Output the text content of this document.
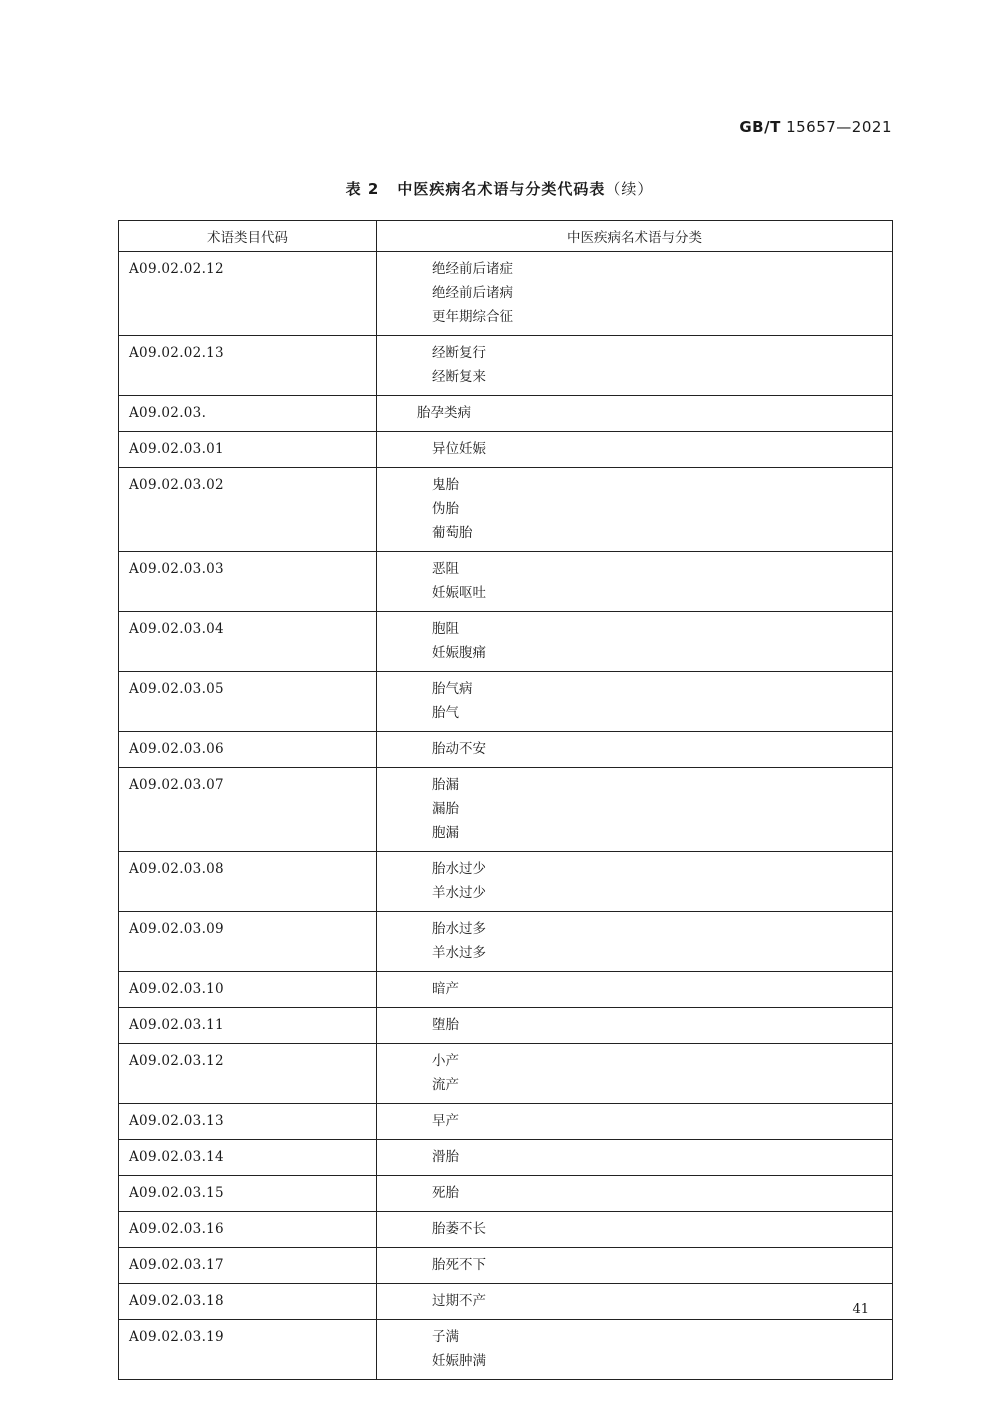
GB/T 15657—2021
表 2 中医疾病名术语与分类代码表（续）
术语类目代码	中医疾病名术语与分类

A09.02.02.12	绝经前后诸症
绝经前后诸病
更年期综合征

A09.02.02.13	经断复行
经断复来

A09.02.03.	胎孕类病

A09.02.03.01	异位妊娠

A09.02.03.02	鬼胎
伪胎
葡萄胎

A09.02.03.03	恶阻
妊娠呕吐

A09.02.03.04	胞阻
妊娠腹痛

A09.02.03.05	胎气病
胎气

A09.02.03.06	胎动不安

A09.02.03.07	胎漏
漏胎
胞漏

A09.02.03.08	胎水过少
羊水过少

A09.02.03.09	胎水过多
羊水过多

A09.02.03.10	暗产

A09.02.03.11	堕胎

A09.02.03.12	小产
流产

A09.02.03.13	早产

A09.02.03.14	滑胎

A09.02.03.15	死胎

A09.02.03.16	胎萎不长

A09.02.03.17	胎死不下

A09.02.03.18	过期不产

A09.02.03.19	子满
妊娠肿满
41
